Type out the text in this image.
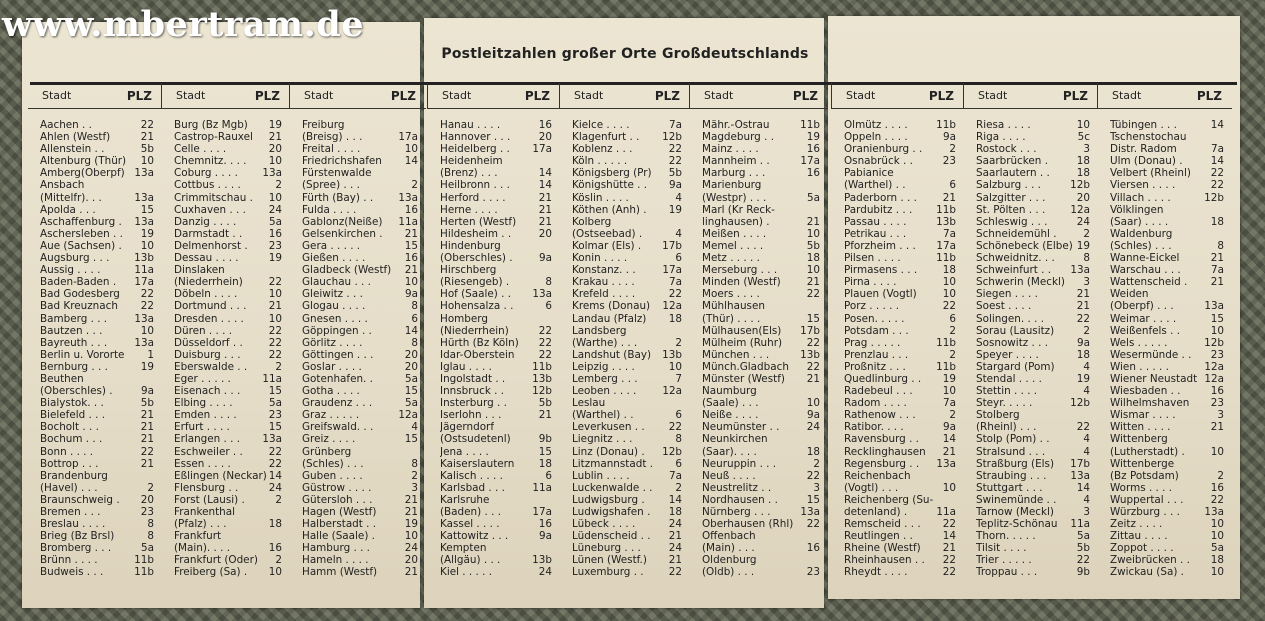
www.mbertram.de
Postleitzahlen großer Orte Großdeutschlands
Stadt	PLZ
Aachen . .	22
Ahlen (Westf)	21
Allenstein . .	5b
Altenburg (Thür) 10
Amberg(Oberpf) 13a
Ansbach
(Mittelfr). . .	13a
Apolda . . .	15
Aschaffenburg . 13a
Aschersleben . . 19
Aue (Sachsen) . 10
Augsburg . . . 13b
Aussig . . . .	11a
Baden-Baden . 17a
Bad Godesberg 22
Bad Kreuznach 22
Bamberg . . .	13a
Bautzen . . .	10
Bayreuth . . .	13a
Berlin u. Vororte 1
Bernburg . . .	19
Beuthen
(Oberschles) .	9a
Bialystok. . .	5b
Bielefeld . . .	21
Bocholt . . .	21
Bochum . . .	21
Bonn . . . .	22
Bottrop . . .	21
Brandenburg
(Havel) . . .	2
Braunschweig . 20
Bremen . . .	23
Breslau . . . .	8
Brieg (Bz Brsl)	8
Bromberg . . .	5a
Brünn . . . .	11b
Budweis . . .	11b
Stadt	PLZ
Burg (Bz Mgb) 19
Castrop-Rauxel 21
Celle . . . .	20
Chemnitz. . . . 10
Coburg . . . . 13a
Cottbus . . . .	2
Crimmitschau . 10
Cuxhaven . . . 24
Danzig . . . .	5a
Darmstadt . .	16
Delmenhorst . 23
Dessau . . . .	19
Dinslaken
(Niederrhein) 22
Döbeln . . . .	10
Dortmund . . . 21
Dresden . . . . 10
Düren . . . .	22
Düsseldorf . . 22
Duisburg . . .	22
Eberswalde . .	2
Eger . . . . .	11a
Eisenach . . .	15
Elbing . . . .	5a
Emden . . . .	23
Erfurt . . . .	15
Erlangen . . . 13a
Eschweiler . . 22
Essen . . . .	22
Eßlingen (Neckar) 14
Flensburg . .	24
Forst (Lausi) .	2
Frankenthal
(Pfalz) . . .	18
Frankfurt
(Main). . . .	16
Frankfurt (Oder) 2
Freiberg (Sa) . 10
Stadt	PLZ
Freiburg
(Breisg) . . .	17a
Freital . . . .	10
Friedrichshafen 14
Fürstenwalde
(Spree) . . .	2
Fürth (Bay) . . 13a
Fulda . . . .	16
Gablonz(Neiße) 11a
Gelsenkirchen . 21
Gera . . . . .	15
Gießen . . . .	16
Gladbeck (Westf) 21
Glauchau . . .	10
Gleiwitz . . .	9a
Glogau . . . .	8
Gnesen . . . .	6
Göppingen . .	14
Görlitz . . . .	8
Göttingen . . .	20
Goslar . . . .	20
Gotenhafen. .	5a
Gotha . . . .	15
Graudenz . . .	5a
Graz . . . . .	12a
Greifswald. . .	4
Greiz . . . .	15
Grünberg
(Schles) . . .	8
Guben . . . .	2
Güstrow . . . .	3
Gütersloh . . .	21
Hagen (Westf)	21
Halberstadt . .	19
Halle (Saale) .	10
Hamburg . . .	24
Hameln . . . .	20
Hamm (Westf)	21
Stadt	PLZ
Hanau . . . .	16
Hannover . . .	20
Heidelberg . . 17a
Heidenheim
(Brenz) . . .	14
Heilbronn . . .	14
Herford . . . .	21
Herne . . . .	21
Herten (Westf) 21
Hildesheim . .	20
Hindenburg
(Oberschles) .	9a
Hirschberg
(Riesengeb) .	8
Hof (Saale) . . 13a
Hohensalza . .	6
Homberg
(Niederrhein)	22
Hürth (Bz Köln) 22
Idar-Oberstein 22
Iglau . . . .	11b
Ingolstadt . .	13b
Innsbruck . .	12b
Insterburg . .	5b
Iserlohn . . .	21
Jägerndorf
(Ostsudetenl)	9b
Jena . . . .	15
Kaiserslautern 18
Kalisch . . . .	6
Karlsbad . . .	11a
Karlsruhe
(Baden) . . .	17a
Kassel . . . .	16
Kattowitz . . .	9a
Kempten
(Allgäu) . . .	13b
Kiel . . . . .	24
Stadt	PLZ
Kielce . . . .	7a
Klagenfurt . . 12b
Koblenz . . .	22
Köln . . . . .	22
Königsberg (Pr) 5b
Königshütte . . 9a
Köslin . . . .	4
Köthen (Anh) . 19
Kolberg
(Ostseebad) .	4
Kolmar (Els) . 17b
Konin . . . .	6
Konstanz. . .	17a
Krakau . . . .	7a
Krefeld . . . .	22
Krems (Donau) 12a
Landau (Pfalz) 18
Landsberg
(Warthe) . . .	2
Landshut (Bay) 13b
Leipzig . . . .	10
Lemberg . . .	7
Leoben . . . .	12a
Leslau
(Warthel) . .	6
Leverkusen . . 22
Liegnitz . . .	8
Linz (Donau) . 12b
Litzmannstadt . 6
Lublin . . . .	7a
Luckenwalde . . 2
Ludwigsburg . 14
Ludwigshafen . 18
Lübeck . . . .	24
Lüdenscheid . . 21
Lüneburg . . .	24
Lünen (Westf.) 21
Luxemburg . . 22
Stadt	PLZ
Mähr.-Ostrau	11b
Magdeburg . .	19
Mainz . . . .	16
Mannheim . .	17a
Marburg . . .	16
Marienburg
(Westpr) . . .	5a
Marl (Kr Reck-
linghausen) .	21
Meißen . . . .	10
Memel . . . .	5b
Metz . . . . .	18
Merseburg . . .	10
Minden (Westf)	21
Moers . . . .	22
Mühlhausen
(Thür) . . . .	15
Mülhausen(Els) 17b
Mülheim (Ruhr) 22
München . . .	13b
Münch.Gladbach 22
Münster (Westf) 21
Naumburg
(Saale) . . .	10
Neiße . . . .	9a
Neumünster . .	24
Neunkirchen
(Saar). . . .	18
Neuruppin . . .	2
Neuß . . . .	22
Neustrelitz . .	3
Nordhausen . .	15
Nürnberg . . .	13a
Oberhausen (Rhl) 22
Offenbach
(Main) . . .	16
Oldenburg
(Oldb) . . .	23
Stadt	PLZ
Olmütz . . . .	11b
Oppeln . . . .	9a
Oranienburg . .	2
Osnabrück . .	23
Pabianice
(Warthel) . .	6
Paderborn . . . 21
Pardubitz . . . 11b
Passau . . . .	13b
Petrikau . . .	7a
Pforzheim . . . 17a
Pilsen . . . .	11b
Pirmasens . . . 18
Pirna . . . .	10
Plauen (Vogtl)	10
Porz . . . . .	22
Posen. . . . .	6
Potsdam . . .	2
Prag . . . . .	11b
Prenzlau . . .	2
Proßnitz . . .	11b
Quedlinburg . . 19
Radebeul . . .	10
Radom . . . .	7a
Rathenow . . .	2
Ratibor. . . .	9a
Ravensburg . . 14
Recklinghausen 21
Regensburg . . 13a
Reichenbach
(Vogtl) . . .	10
Reichenberg (Su-
detenland) .	11a
Remscheid . . . 22
Reutlingen . .	14
Rheine (Westf) 21
Rheinhausen . . 22
Rheydt . . . .	22
Stadt	PLZ
Riesa . . . .	10
Riga . . . .	5c
Rostock . . .	3
Saarbrücken .	18
Saarlautern . .	18
Salzburg . . .	12b
Salzgitter . . .	20
St. Pölten . . . 12a
Schleswig . . .	24
Schneidemühl .	2
Schönebeck (Elbe) 19
Schweidnitz. . .	8
Schweinfurt . . 13a
Schwerin (Meckl) 3
Siegen . . . .	21
Soest . . . .	21
Solingen. . . .	22
Sorau (Lausitz)	2
Sosnowitz . . .	9a
Speyer . . . .	18
Stargard (Pom)	4
Stendal . . . .	19
Stettin . . . .	4
Steyr. . . . .	12b
Stolberg
(Rheinl) . . .	22
Stolp (Pom) . .	4
Stralsund . . .	4
Straßburg (Els) 17b
Straubing . . . 13a
Stuttgart . . .	14
Swinemünde . .	4
Tarnow (Meckl)	3
Teplitz-Schönau 11a
Thorn. . . . .	5a
Tilsit . . . .	5b
Trier . . . . .	22
Troppau . . .	9b
Stadt	PLZ
Tübingen . . .	14
Tschenstochau
Distr. Radom	7a
Ulm (Donau) .	14
Velbert (Rheinl) 22
Viersen . . . .	22
Villach . . . .	12b
Völklingen
(Saar) . . . .	18
Waldenburg
(Schles) . . .	8
Wanne-Eickel	21
Warschau . . .	7a
Wattenscheid . 21
Weiden
(Oberpf) . . .	13a
Weimar . . . .	15
Weißenfels . .	10
Wels . . . . .	12b
Wesermünde . . 23
Wien . . . . .	12a
Wiener Neustadt 12a
Wiesbaden . .	16
Wilhelmshaven 23
Wismar . . . .	3
Witten . . . .	21
Wittenberg
(Lutherstadt) .	10
Wittenberge
(Bz Potsdam)	2
Worms . . . .	16
Wuppertal . . .	22
Würzburg . . . 13a
Zeitz . . . .	10
Zittau . . . .	10
Zoppot . . . .	5a
Zweibrücken . . 18
Zwickau (Sa) .	10
